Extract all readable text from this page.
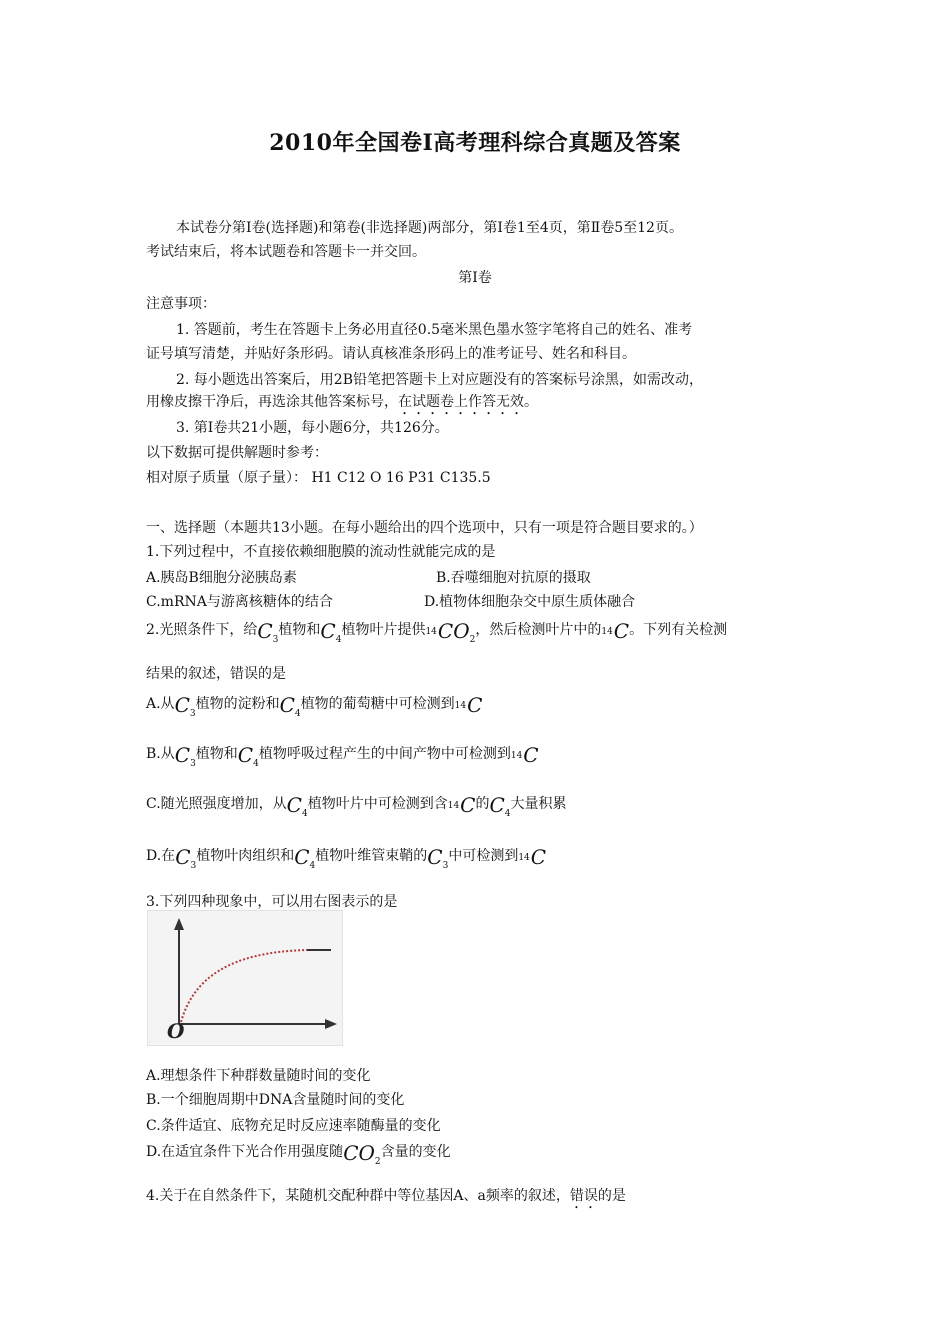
2010年全国卷Ⅰ高考理科综合真题及答案
本试卷分第Ⅰ卷(选择题)和第卷(非选择题)两部分，第Ⅰ卷1至4页，第Ⅱ卷5至12页。
考试结束后，将本试题卷和答题卡一并交回。
第Ⅰ卷
注意事项：
1. 答题前，考生在答题卡上务必用直径0.5毫米黑色墨水签字笔将自己的姓名、准考
证号填写清楚，并贴好条形码。请认真核准条形码上的准考证号、姓名和科目。
2. 每小题选出答案后，用2B铅笔把答题卡上对应题没有的答案标号涂黑，如需改动，
用橡皮擦干净后，再选涂其他答案标号，在试题卷上作答无效。
3. 第Ⅰ卷共21小题，每小题6分，共126分。
以下数据可提供解题时参考：
相对原子质量（原子量）： H1 C12 O 16 P31 C135.5
一、选择题（本题共13小题。在每小题给出的四个选项中，只有一项是符合题目要求的。）
1.下列过程中，不直接依赖细胞膜的流动性就能完成的是
A.胰岛B细胞分泌胰岛素	B.吞噬细胞对抗原的摄取
C.mRNA与游离核糖体的结合	D.植物体细胞杂交中原生质体融合
2.光照条件下，给$C_3$植物和$C_4$植物叶片提供$^{14}CO_2$，然后检测叶片中的$^{14}$C。下列有关检测
结果的叙述，错误的是
A.从$C_3$植物的淀粉和$C_4$植物的葡萄糖中可检测到$^{14}$C
B.从$C_3$植物和$C_4$植物呼吸过程产生的中间产物中可检测到$^{14}$C
C.随光照强度增加，从$C_4$植物叶片中可检测到含$^{14}$C的$C_4$大量积累
D.在$C_3$植物叶肉组织和$C_4$植物叶维管束鞘的$C_3$中可检测到$^{14}$C
3.下列四种现象中，可以用右图表示的是
O
A.理想条件下种群数量随时间的变化
B.一个细胞周期中DNA含量随时间的变化
C.条件适宜、底物充足时反应速率随酶量的变化
D.在适宜条件下光合作用强度随$CO_2$含量的变化
4.关于在自然条件下，某随机交配种群中等位基因A、a频率的叙述，错误的是
